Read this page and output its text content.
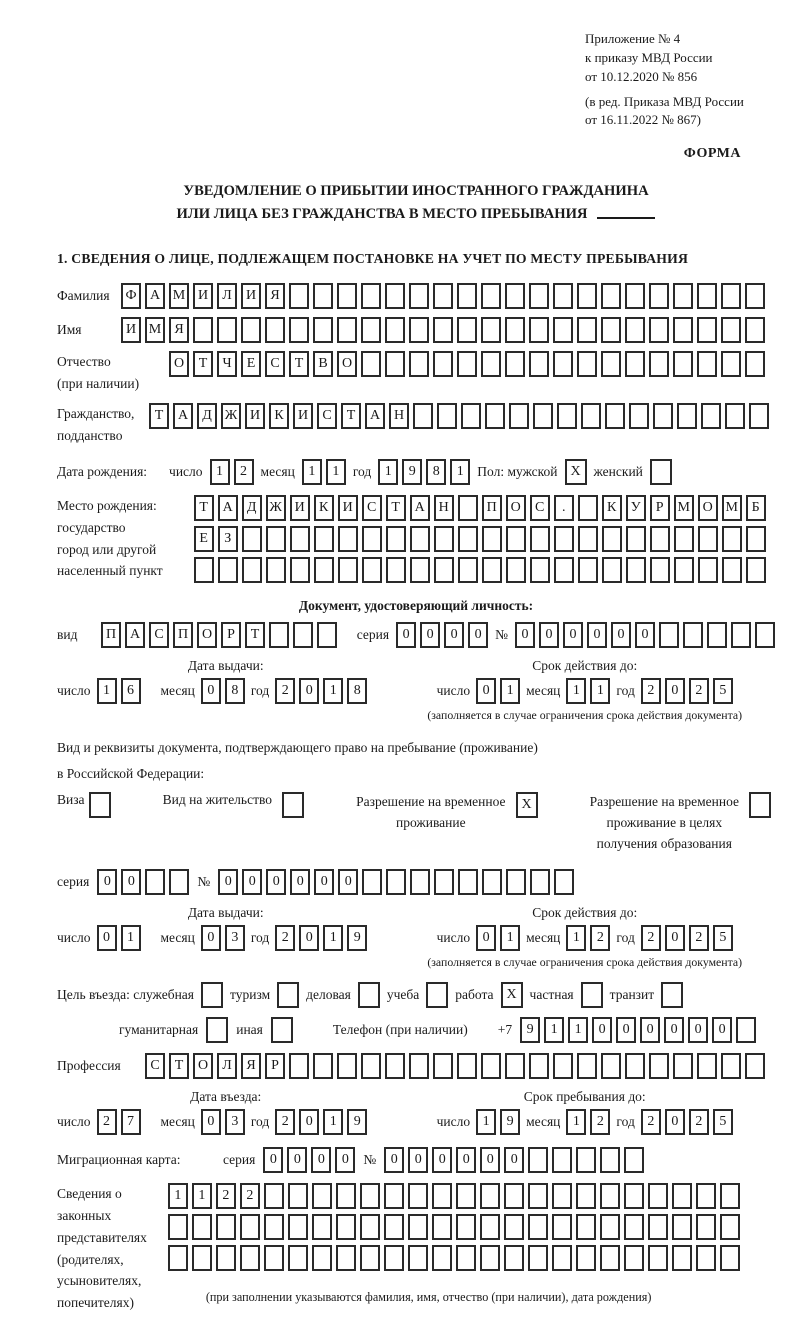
Приложение № 4
к приказу МВД России
от 10.12.2020 № 856
(в ред. Приказа МВД России
от 16.11.2022 № 867)
ФОРМА
УВЕДОМЛЕНИЕ О ПРИБЫТИИ ИНОСТРАННОГО ГРАЖДАНИНА
ИЛИ ЛИЦА БЕЗ ГРАЖДАНСТВА В МЕСТО ПРЕБЫВАНИЯ
1. СВЕДЕНИЯ О ЛИЦЕ, ПОДЛЕЖАЩЕМ ПОСТАНОВКЕ НА УЧЕТ ПО МЕСТУ ПРЕБЫВАНИЯ
Фамилия	Ф А М И	Л	И	Я
Имя	И М Я
Отчество
(при наличии)
О	Т	Ч	Е	С	Т	В	О
Гражданство,
подданство
Т	А	Д Ж И	К	И	С	Т	А Н
Дата рождения: число 1	2	месяц 1	1	год 1	9	8	1	Пол: мужской X женский
Место рождения:
государство
город или другой
населенный пункт
Т	А	Д Ж И	К	И	С	Т	А Н	П О	С	.	К	У	Р М О М Б

Е	З

Документ, удостоверяющий личность:
вид	П А	С	П О	Р	Т	серия 0	0	0	0	№ 0	0	0	0	0	0
Дата выдачи:
число 1	6	месяц 0	8 год 2	0	1	8
Срок действия до:
число 0	1 месяц 1	1 год 2	0	2	5
(заполняется в случае ограничения срока действия документа)
Вид и реквизиты документа, подтверждающего право на пребывание (проживание)
в Российской Федерации:
Виза	Вид на жительство	Разрешение на временное
проживание
X	Разрешение на временное
проживание в целях
получения образования
серия	0	0	№	0	0	0	0	0	0
Дата выдачи:
число 0	1	месяц 0	3 год 2	0	1	9
Срок действия до:
число 0	1 месяц 1	2 год 2	0	2	5
(заполняется в случае ограничения срока действия документа)
Цель въезда: служебная	туризм	деловая	учеба	работа X частная	транзит
гуманитарная	иная	Телефон (при наличии) +7	9	1	1	0	0	0	0	0	0
Профессия	С	Т	О	Л	Я	Р
Дата въезда:
число 2	7	месяц 0	3 год 2	0	1	9
Срок пребывания до:
число 1	9 месяц 1	2 год 2	0	2	5
Миграционная карта:	серия	0	0	0	0	№	0	0	0	0	0	0
Сведения о
законных
представителях
(родителях,
усыновителях,
попечителях)
1	1	2	2

(при заполнении указываются фамилия, имя, отчество (при наличии), дата рождения)
